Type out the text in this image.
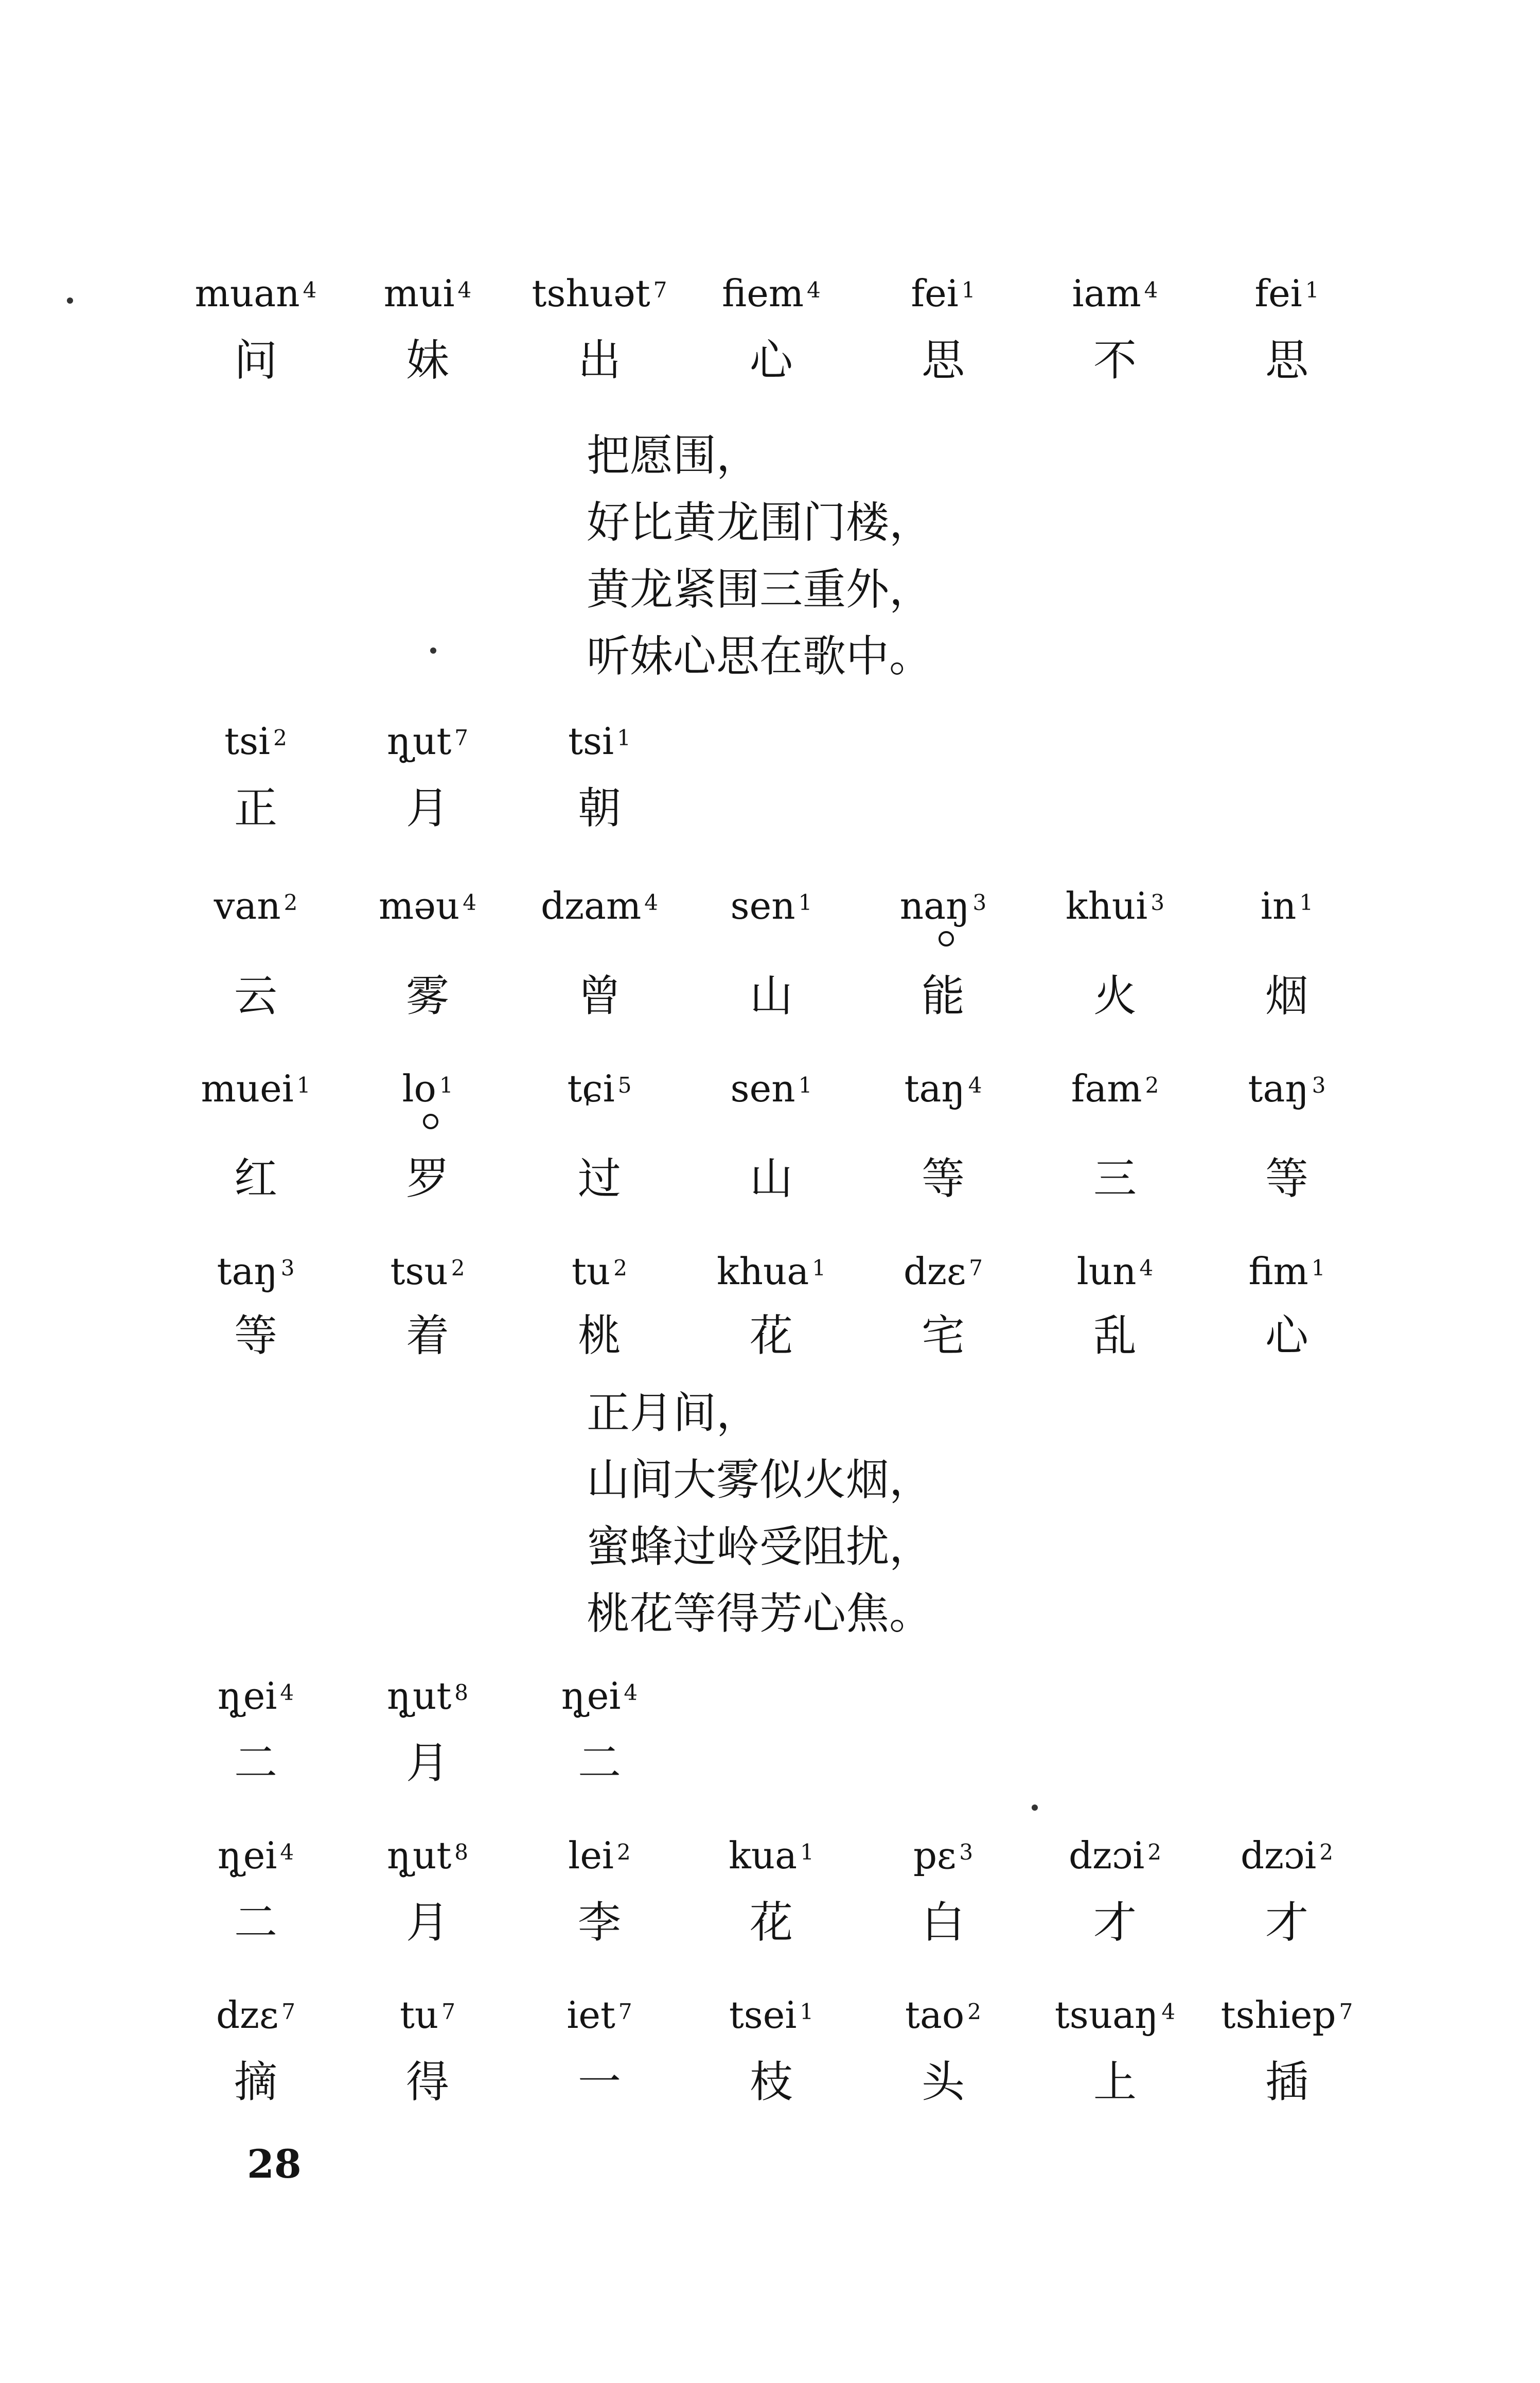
muan $^4$	mui $^4$	tshuət $^7$	fiem $^4$	fei $^1$	iam $^4$	fei $^1$
问	妹	出	心	思	不	思
把愿围，
好比黄龙围门楼，
黄龙紧围三重外，
听妹心思在歌中。
tsi $^2$	ɳ̥ut $^7$	tsi $^1$
正	月	朝
van $^2$	məu $^4$	dzam $^4$	sen $^1$	naŋ $^3$	khui $^3$	in $^1$
云	雾	曾	山	能	火	烟
muei $^1$	lo $^1$	tɕi $^5$	sen $^1$	taŋ $^4$	fam $^2$	taŋ $^3$
红	罗	过	山	等	三	等
taŋ $^3$	tsu $^2$	tu $^2$	khua $^1$	dzɛ $^7$	lun $^4$	fim $^1$
等	着	桃	花	宅	乱	心
正月间，
山间大雾似火烟，
蜜蜂过岭受阻扰，
桃花等得芳心焦。
ɳ̥ei $^4$	ɳ̥ut $^8$	ɳ̥ei $^4$
二	月	二
ɳ̥ei $^4$	ɳ̥ut $^8$	lei $^2$	kua $^1$	pɛ $^3$	dzɔi $^2$	dzɔi $^2$
二	月	李	花	白	才	才
dzɛ $^7$	tu $^7$	iet $^7$	tsei $^1$	tao $^2$	tsuaŋ $^4$	tshiep $^7$
摘	得	一	枝	头	上	插
28
